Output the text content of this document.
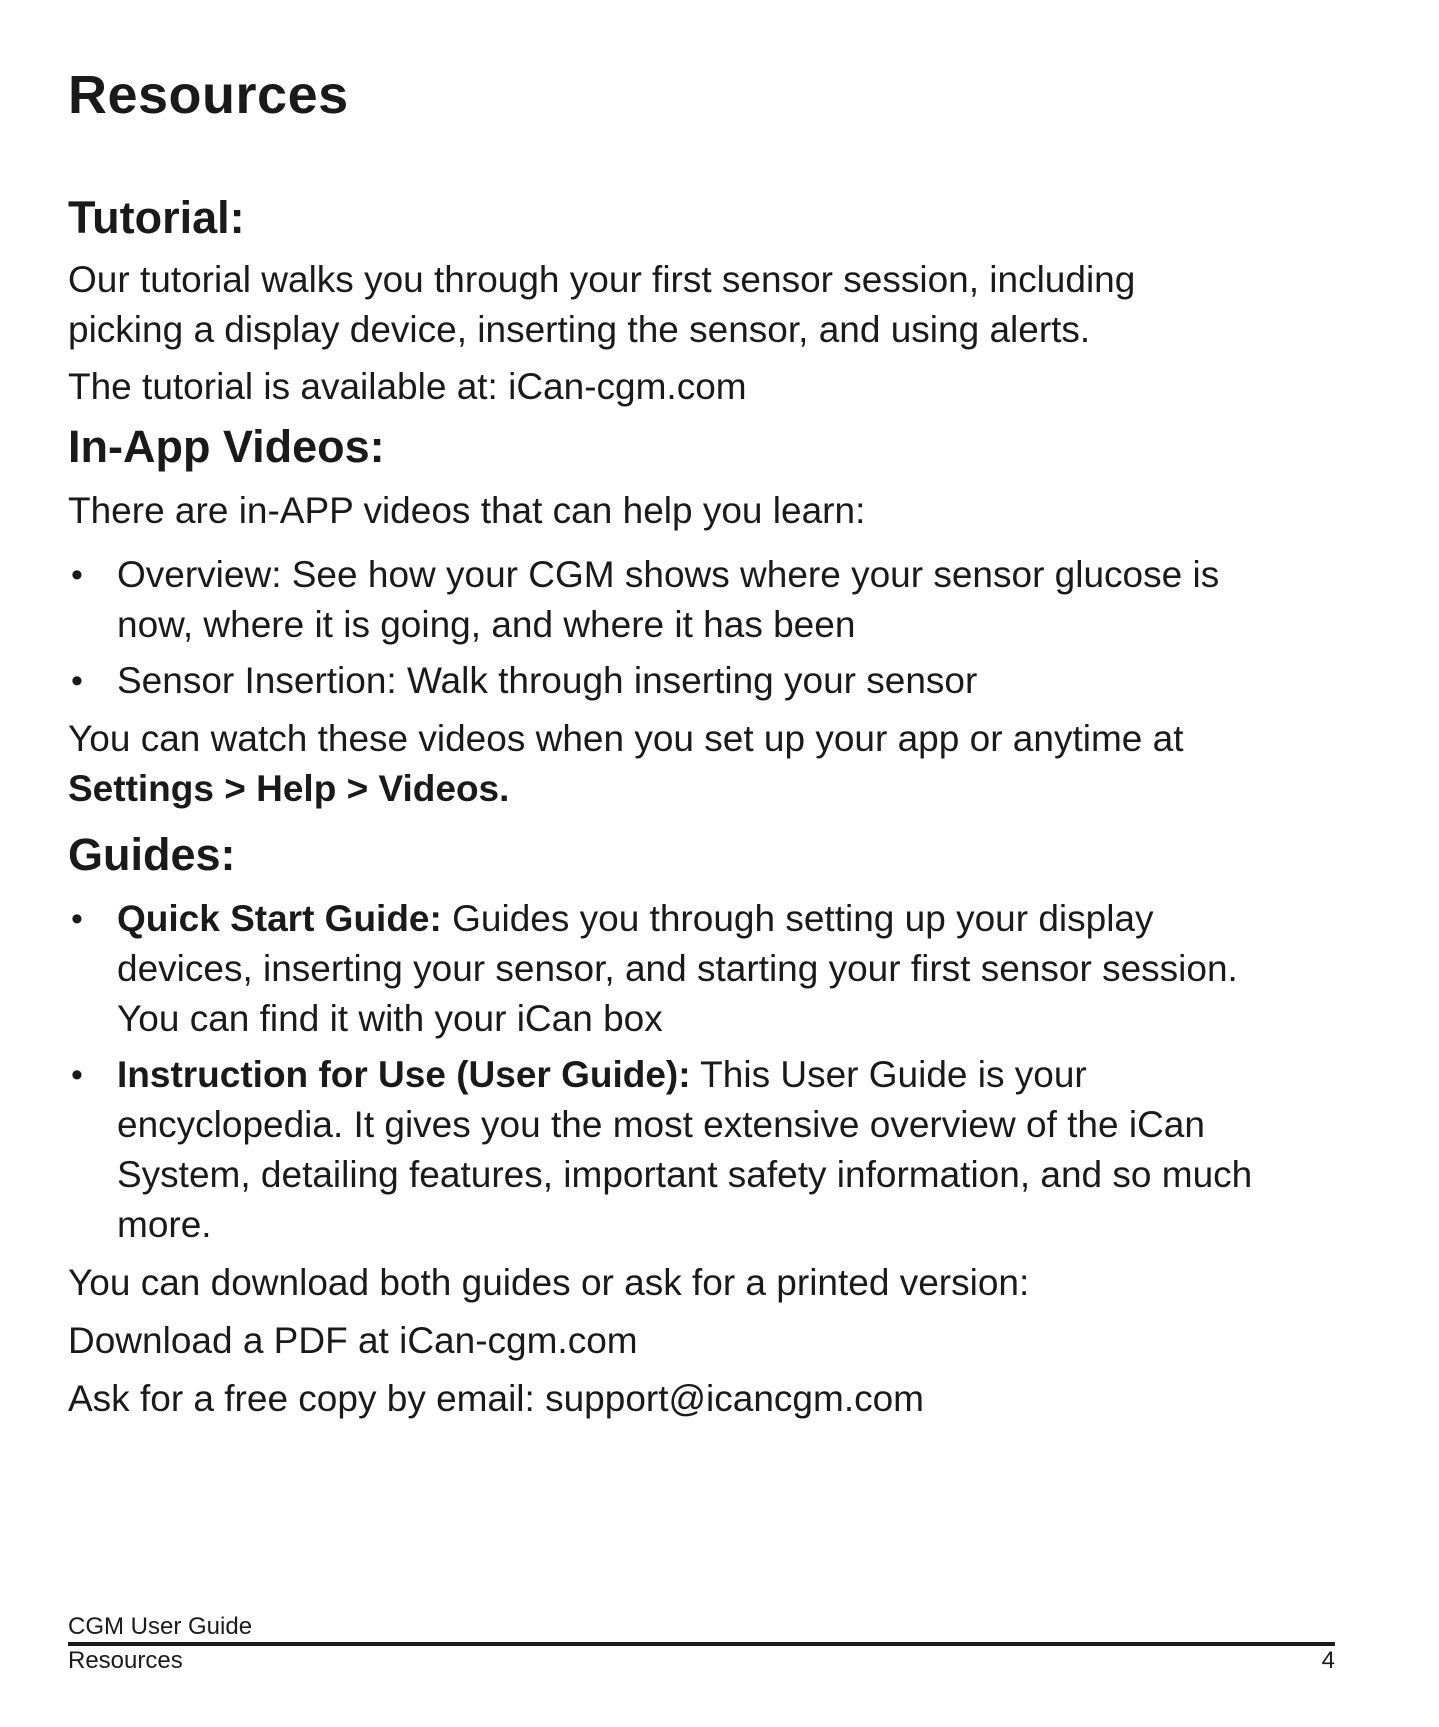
Resources
Tutorial:
Our tutorial walks you through your first sensor session, including
picking a display device, inserting the sensor, and using alerts.
The tutorial is available at: iCan-cgm.com
In-App Videos:
There are in-APP videos that can help you learn:
• Overview: See how your CGM shows where your sensor glucose is
now, where it is going, and where it has been
• Sensor Insertion: Walk through inserting your sensor
You can watch these videos when you set up your app or anytime at
Settings > Help > Videos.
Guides:
• Quick Start Guide: Guides you through setting up your display
devices, inserting your sensor, and starting your first sensor session.
You can find it with your iCan box
• Instruction for Use (User Guide): This User Guide is your
encyclopedia. It gives you the most extensive overview of the iCan
System, detailing features, important safety information, and so much
more.
You can download both guides or ask for a printed version:
Download a PDF at iCan-cgm.com
Ask for a free copy by email: support@icancgm.com
CGM User Guide
Resources	4
